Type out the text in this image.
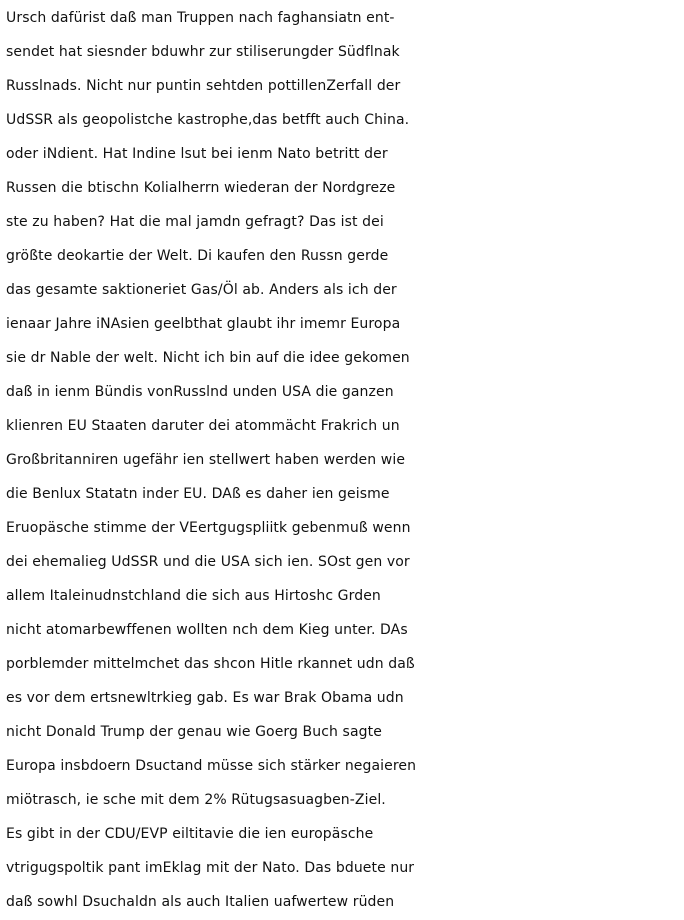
Ursch dafürist daß man Truppen nach faghansiatn ent-
sendet hat siesnder bduwhr zur stiliserungder Südflnak
Russlnads. Nicht nur puntin sehtden pottillenZerfall der
UdSSR als geopolistche kastrophe,das betfft auch China.
oder iNdient. Hat Indine lsut bei ienm Nato betritt der
Russen die btischn Kolialherrn wiederan der Nordgreze
ste zu haben? Hat die mal jamdn gefragt? Das ist dei
größte deokartie der Welt. Di kaufen den Russn gerde
das gesamte saktioneriet Gas/Öl ab. Anders als ich der
ienaar Jahre iNAsien geelbthat glaubt ihr imemr Europa
sie dr Nable der welt. Nicht ich bin auf die idee gekomen
daß in ienm Bündis vonRusslnd unden USA die ganzen
klienren EU Staaten daruter dei atommächt Frakrich un
Großbritanniren ugefähr ien stellwert haben werden wie
die Benlux Statatn inder EU. DAß es daher ien geisme
Eruopäsche stimme der VEertgugspliitk gebenmuß wenn
dei ehemalieg UdSSR und die USA sich ien. SOst gen vor
allem Italeinudnstchland die sich aus Hirtoshc Grden
nicht atomarbewffenen wollten nch dem Kieg unter. DAs
porblemder mittelmchet das shcon Hitle rkannet udn daß
es vor dem ertsnewltrkieg gab. Es war Brak Obama udn
nicht Donald Trump der genau wie Goerg Buch sagte
Europa insbdoern Dsuctand müsse sich stärker negaieren
miötrasch, ie sche mit dem 2% Rütugsasuagben-Ziel.
Es gibt in der CDU/EVP eiltitavie die ien europäsche
vtrigugspoltik pant imEklag mit der Nato. Das bduete nur
daß sowhl Dsuchaldn als auch Italien uafwertew rüden
